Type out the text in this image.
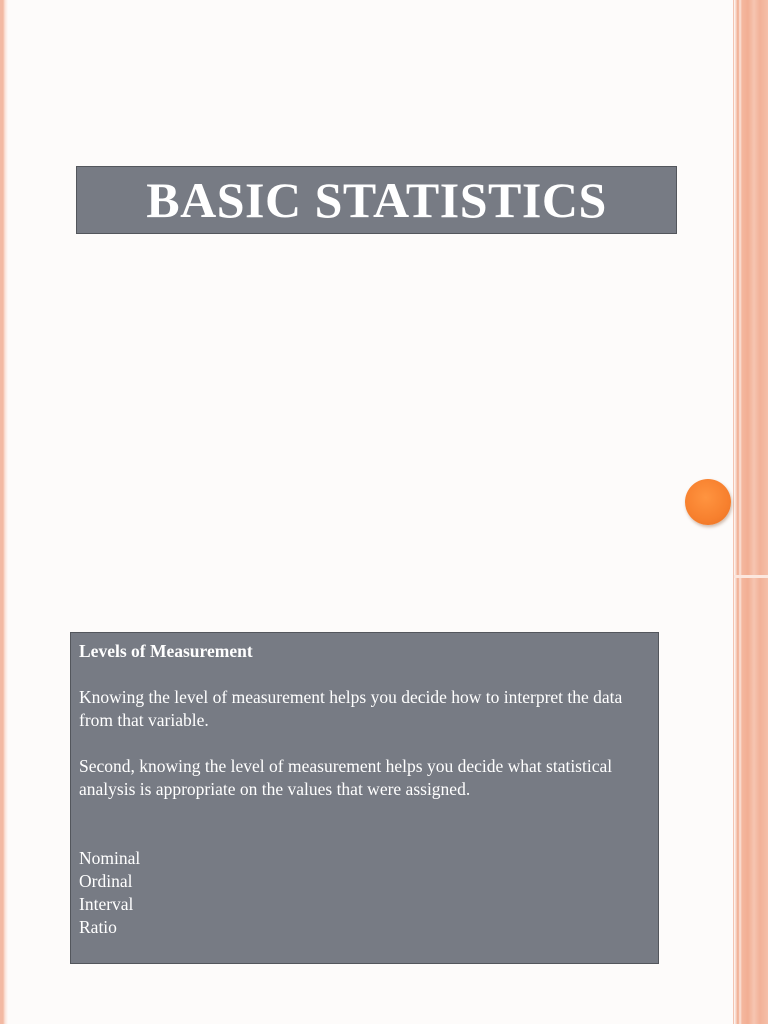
BASIC STATISTICS

Levels of Measurement

Knowing the level of measurement helps you decide how to interpret the data from that variable.

Second, knowing the level of measurement helps you decide what statistical analysis is appropriate on the values that were assigned.

Nominal
Ordinal
Interval
Ratio
